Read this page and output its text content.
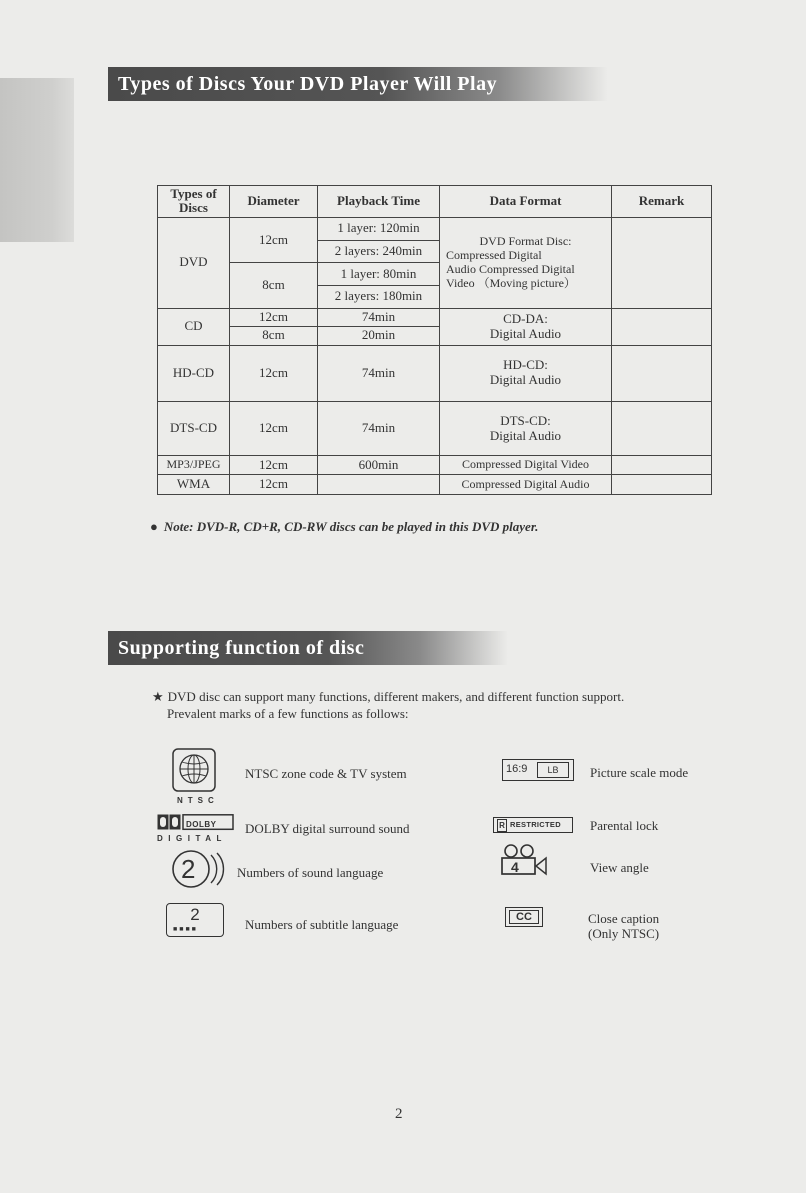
Types of Discs Your DVD Player Will Play
Types of Discs	Diameter	Playback Time	Data Format	Remark
DVD	12cm	1 layer: 120min	DVD Format Disc:
Compressed Digital
Audio Compressed Digital
Video （Moving picture）	

		2 layers: 240min		
	8cm	1 layer: 80min		
		2 layers: 180min		
CD	12cm	74min	CD-DA:
Digital Audio	

	8cm	20min		
HD-CD	12cm	74min	HD-CD:
Digital Audio	

DTS-CD	12cm	74min	DTS-CD:
Digital Audio	

MP3/JPEG	12cm	600min	Compressed Digital Video	
WMA	12cm		Compressed Digital Audio	
● Note: DVD-R, CD+R, CD-RW discs can be played in this DVD player.
Supporting function of disc
★ DVD disc can support many functions, different makers, and different function support.
Prevalent marks of a few functions as follows:
NTSC
NTSC zone code & TV system
DOLBY
DIGITAL
DOLBY digital surround sound
2	Numbers of sound language
2
■■■■	Numbers of subtitle language
16:9	LB	Picture scale mode
R RESTRICTED Parental lock
4	View angle
CC	Close caption
(Only NTSC)
2
